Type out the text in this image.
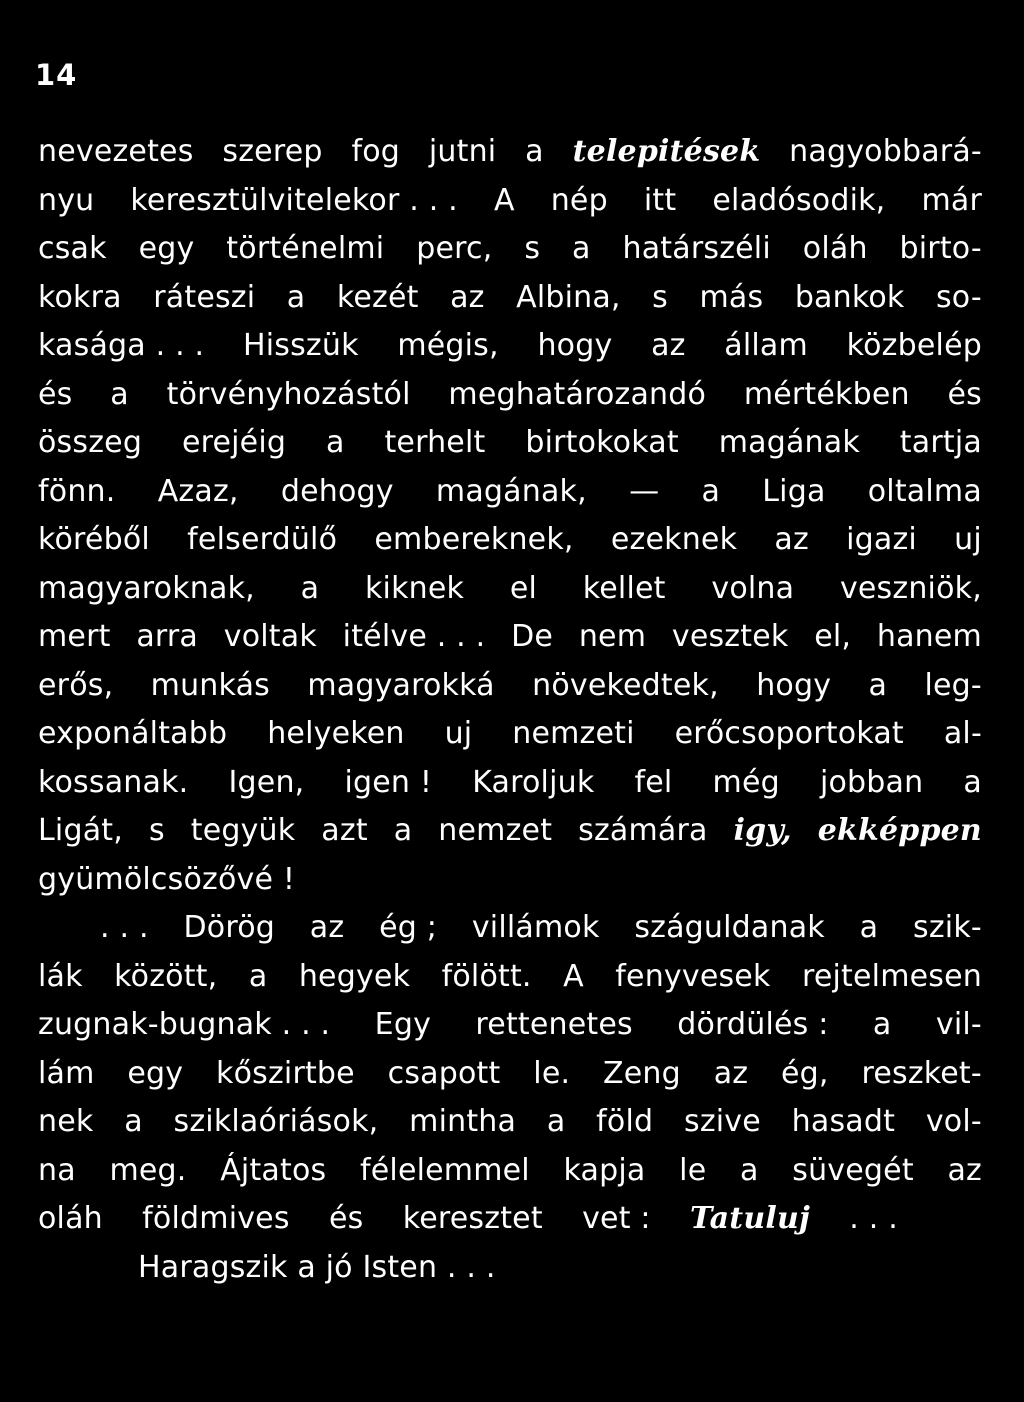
14
nevezetes szerep fog jutni a telepitések nagyobbará-
nyu keresztülvitelekor . . . A nép itt eladósodik, már
csak egy történelmi perc, s a határszéli oláh birto-
kokra ráteszi a kezét az Albina, s más bankok so-
kasága . . . Hisszük mégis, hogy az állam közbelép
és a törvényhozástól meghatározandó mértékben és
összeg erejéig a terhelt birtokokat magának tartja
fönn. Azaz, dehogy magának, — a Liga oltalma
köréből felserdülő embereknek, ezeknek az igazi uj
magyaroknak, a kiknek el kellet volna veszniök,
mert arra voltak itélve . . . De nem vesztek el, hanem
erős, munkás magyarokká növekedtek, hogy a leg-
exponáltabb helyeken uj nemzeti erőcsoportokat al-
kossanak. Igen, igen ! Karoljuk fel még jobban a
Ligát, s tegyük azt a nemzet számára igy, ekképpen
gyümölcsözővé !
. . . Dörög az ég ; villámok száguldanak a szik-
lák között, a hegyek fölött. A fenyvesek rejtelmesen
zugnak-bugnak . . . Egy rettenetes dördülés : a vil-
lám egy kőszirtbe csapott le. Zeng az ég, reszket-
nek a sziklaóriások, mintha a föld szive hasadt vol-
na meg. Ájtatos félelemmel kapja le a süvegét az
oláh földmives és keresztet vet : Tatuluj . . .
Haragszik a jó Isten . . .
